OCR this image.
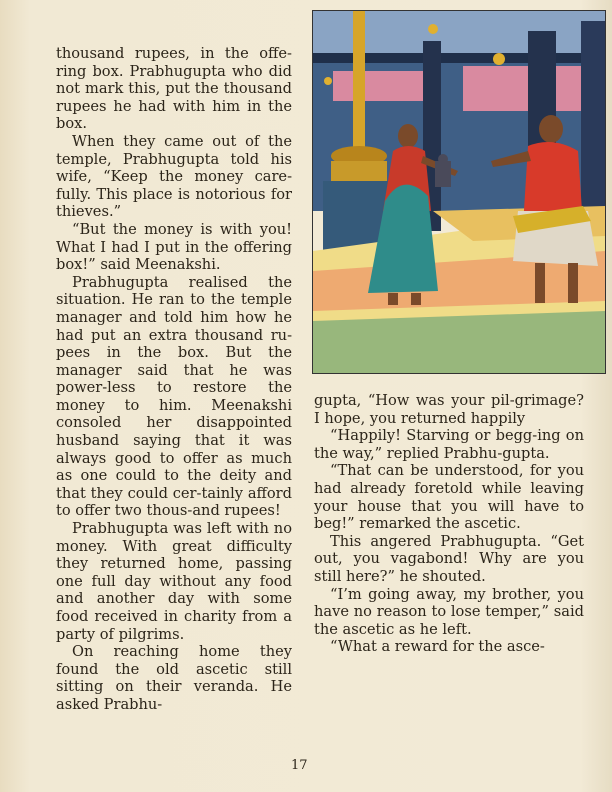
thousand rupees, in the offe-ring box. Prabhugupta who did not mark this, put the thousand rupees he had with him in the box.

When they came out of the temple, Prabhugupta told his wife, “Keep the money care-fully. This place is notorious for thieves.”

“But the money is with you! What I had I put in the offering box!” said Meenakshi.

Prabhugupta realised the situation. He ran to the temple manager and told him how he had put an extra thousand ru-pees in the box. But the manager said that he was power-less to restore the money to him. Meenakshi consoled her disappointed husband saying that it was always good to offer as much as one could to the deity and that they could cer-tainly afford to offer two thous-and rupees!

Prabhugupta was left with no money. With great difficulty they returned home, passing one full day without any food and another day with some food received in charity from a party of pilgrims.

On reaching home they found the old ascetic still sitting on their veranda. He asked Prabhu-

gupta, “How was your pil-grimage? I hope, you returned happily

“Happily! Starving or begg-ing on the way,” replied Prabhu-gupta.

“That can be understood, for you had already foretold while leaving your house that you will have to beg!” remarked the ascetic.

This angered Prabhugupta. “Get out, you vagabond! Why are you still here?” he shouted.

“I’m going away, my brother, you have no reason to lose temper,” said the ascetic as he left.

“What a reward for the asce-

17
